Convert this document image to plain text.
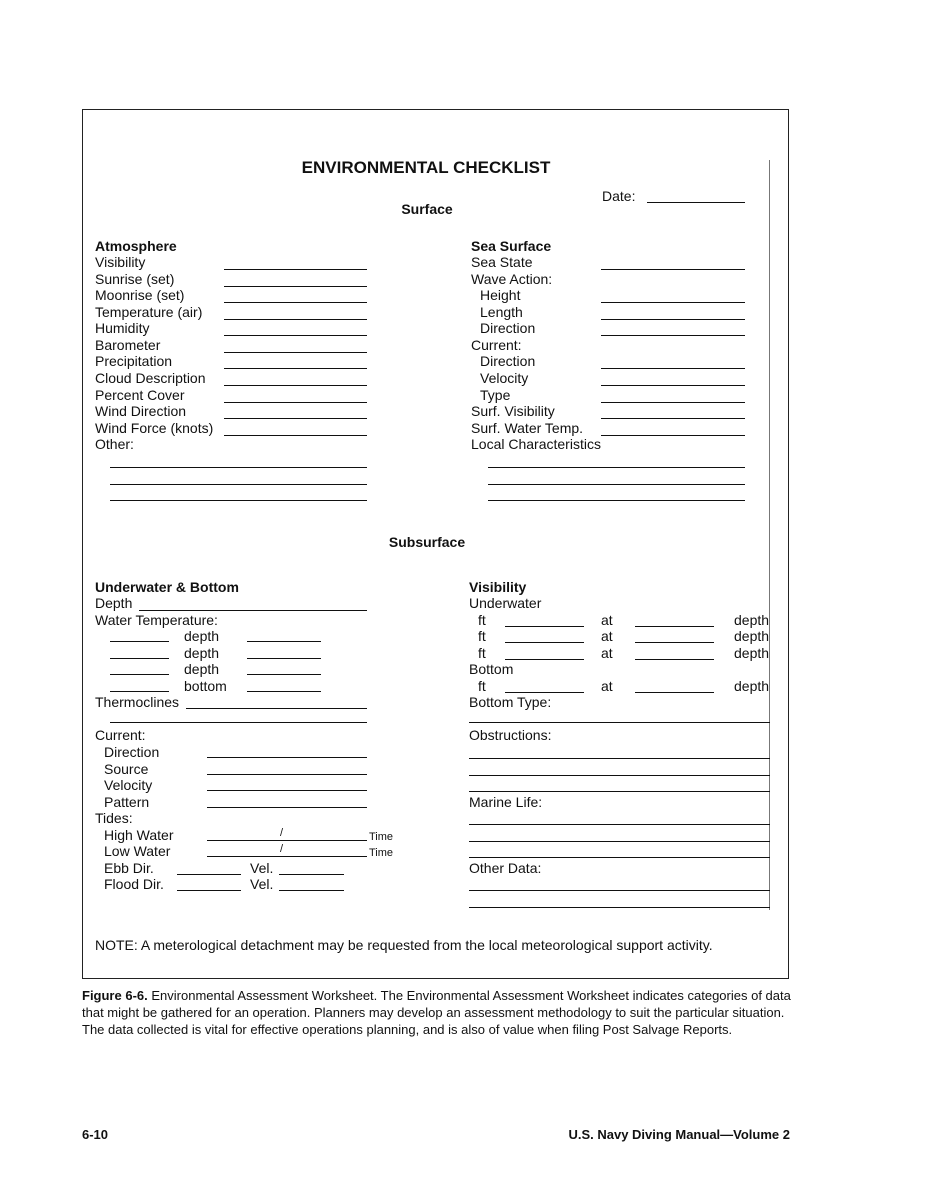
ENVIRONMENTAL CHECKLIST
Figure 6-6. Environmental Assessment Worksheet. The Environmental Assessment Worksheet indicates categories of data that might be gathered for an operation. Planners may develop an assessment methodology to suit the particular situation. The data collected is vital for effective operations planning, and is also of value when filing Post Salvage Reports.
6-10	U.S. Navy Diving Manual—Volume 2
Date:
Surface
Subsurface
Atmosphere
Visibility
Sunrise (set)
Moonrise (set)
Temperature (air)
Humidity
Barometer
Precipitation
Cloud Description
Percent Cover
Wind Direction
Wind Force (knots)
Other:
Sea Surface
Sea State
Wave Action:
Height
Length
Direction
Current:
Direction
Velocity
Type
Surf. Visibility
Surf. Water Temp.
Local Characteristics
Underwater & Bottom
Depth
Water Temperature:
depth
depth
depth
bottom
Thermoclines
Current:
Direction
Source
Velocity
Pattern
Tides:
High Water	/	Time
Low Water	/	Time
Ebb Dir.	Vel.
Flood Dir.	Vel.
Visibility
Underwater
ft	at	depth
ft	at	depth
ft	at	depth
ft	at	depth
Bottom
Bottom Type:
Obstructions:
Marine Life:
Other Data:
NOTE: A meterological detachment may be requested from the local meteorological support activity.
